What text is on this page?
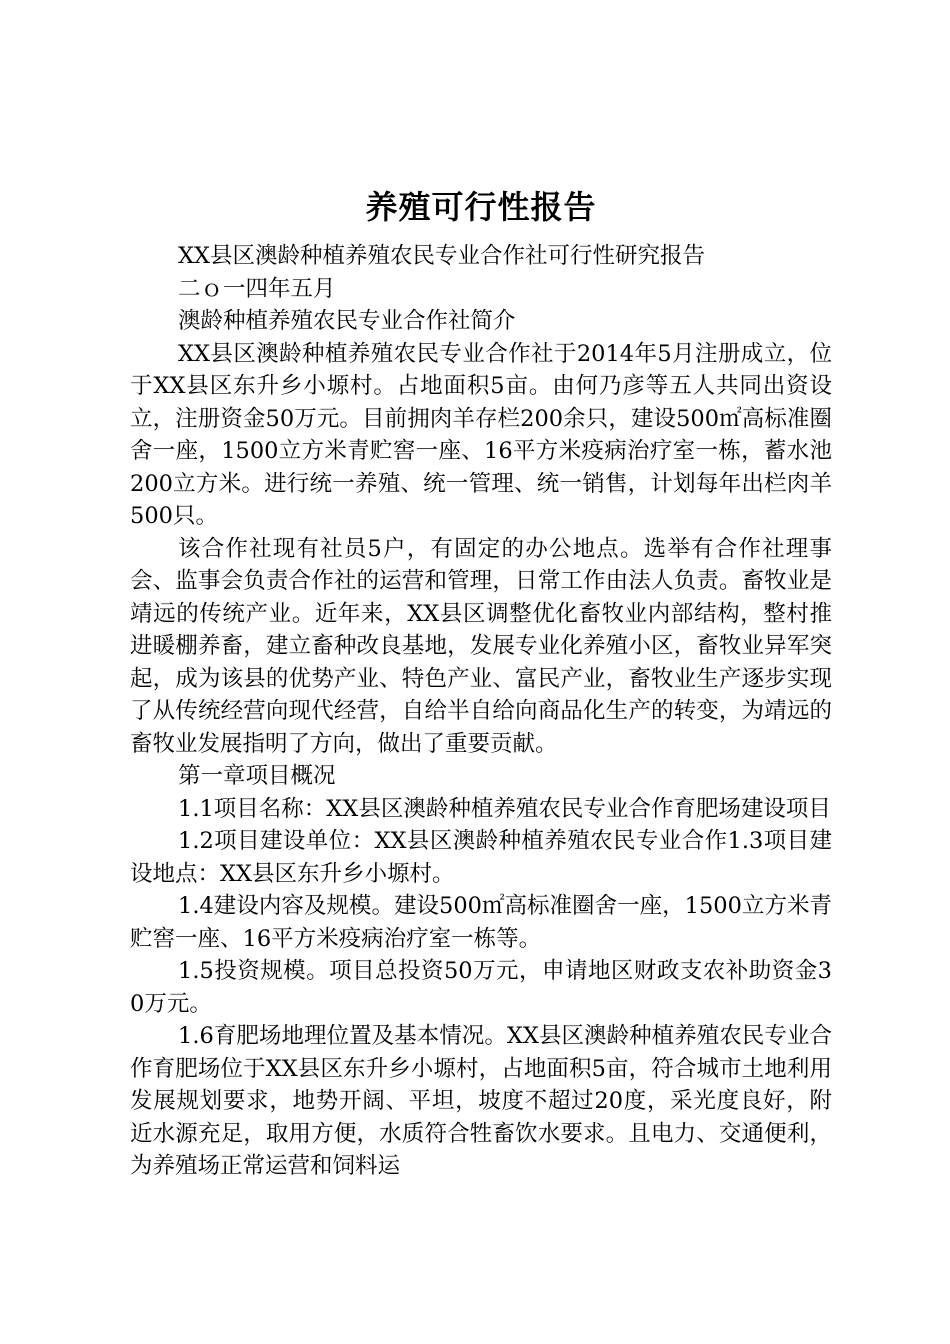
养殖可行性报告

XX县区澳龄种植养殖农民专业合作社可行性研究报告

二ｏ一四年五月

澳龄种植养殖农民专业合作社简介

XX县区澳龄种植养殖农民专业合作社于2014年5月注册成立，位于XX县区东升乡小塬村。占地面积5亩。由何乃彦等五人共同出资设立，注册资金50万元。目前拥肉羊存栏200余只，建设500㎡高标准圈舍一座，1500立方米青贮窖一座、16平方米疫病治疗室一栋，蓄水池200立方米。进行统一养殖、统一管理、统一销售，计划每年出栏肉羊500只。

该合作社现有社员5户，有固定的办公地点。选举有合作社理事会、监事会负责合作社的运营和管理，日常工作由法人负责。畜牧业是靖远的传统产业。近年来，XX县区调整优化畜牧业内部结构，整村推进暖棚养畜，建立畜种改良基地，发展专业化养殖小区，畜牧业异军突起，成为该县的优势产业、特色产业、富民产业，畜牧业生产逐步实现了从传统经营向现代经营，自给半自给向商品化生产的转变，为靖远的畜牧业发展指明了方向，做出了重要贡献。

第一章项目概况

1.1项目名称：XX县区澳龄种植养殖农民专业合作育肥场建设项目

1.2项目建设单位：XX县区澳龄种植养殖农民专业合作1.3项目建设地点：XX县区东升乡小塬村。

1.4建设内容及规模。建设500㎡高标准圈舍一座，1500立方米青贮窖一座、16平方米疫病治疗室一栋等。

1.5投资规模。项目总投资50万元，申请地区财政支农补助资金30万元。

1.6育肥场地理位置及基本情况。XX县区澳龄种植养殖农民专业合作育肥场位于XX县区东升乡小塬村，占地面积5亩，符合城市土地利用发展规划要求，地势开阔、平坦，坡度不超过20度，采光度良好，附近水源充足，取用方便，水质符合牲畜饮水要求。且电力、交通便利，为养殖场正常运营和饲料运
